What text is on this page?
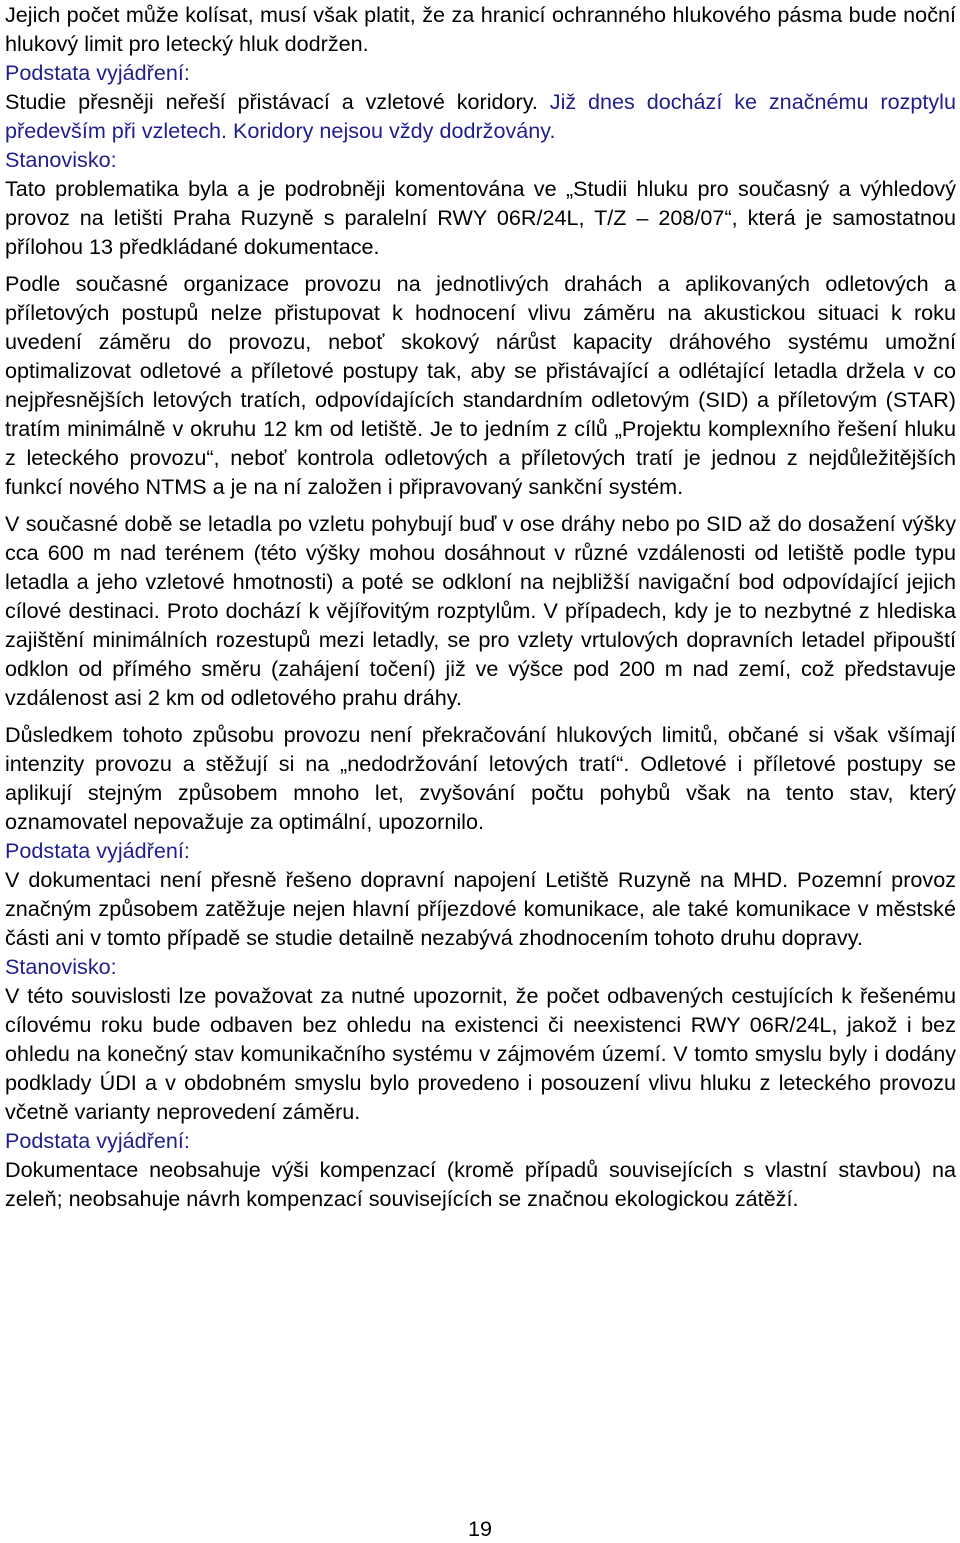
Jejich počet může kolísat, musí však platit, že za hranicí ochranného hlukového pásma bude noční hlukový limit pro letecký hluk dodržen.

Podstata vyjádření:

Studie přesněji neřeší přistávací a vzletové koridory. Již dnes dochází ke značnému rozptylu především při vzletech. Koridory nejsou vždy dodržovány.

Stanovisko:

Tato problematika byla a je podrobněji komentována ve „Studii hluku pro současný a výhledový provoz na letišti Praha Ruzyně s paralelní RWY 06R/24L, T/Z – 208/07“, která je samostatnou přílohou 13 předkládané dokumentace.

Podle současné organizace provozu na jednotlivých drahách a aplikovaných odletových a příletových postupů nelze přistupovat k hodnocení vlivu záměru na akustickou situaci k roku uvedení záměru do provozu, neboť skokový nárůst kapacity dráhového systému umožní optimalizovat odletové a příletové postupy tak, aby se přistávající a odlétající letadla držela v co nejpřesnějších letových tratích, odpovídajících standardním odletovým (SID) a příletovým (STAR) tratím minimálně v okruhu 12 km od letiště. Je to jedním z cílů „Projektu komplexního řešení hluku z leteckého provozu“, neboť kontrola odletových a příletových tratí je jednou z nejdůležitějších funkcí nového NTMS a je na ní založen i připravovaný sankční systém.

V současné době se letadla po vzletu pohybují buď v ose dráhy nebo po SID až do dosažení výšky cca 600 m nad terénem (této výšky mohou dosáhnout v různé vzdálenosti od letiště podle typu letadla a jeho vzletové hmotnosti) a poté se odkloní na nejbližší navigační bod odpovídající jejich cílové destinaci. Proto dochází k vějířovitým rozptylům. V případech, kdy je to nezbytné z hlediska zajištění minimálních rozestupů mezi letadly, se pro vzlety vrtulových dopravních letadel připouští odklon od přímého směru (zahájení točení) již ve výšce pod 200 m nad zemí, což představuje vzdálenost asi 2 km od odletového prahu dráhy.

Důsledkem tohoto způsobu provozu není překračování hlukových limitů, občané si však všímají intenzity provozu a stěžují si na „nedodržování letových tratí“. Odletové i příletové postupy se aplikují stejným způsobem mnoho let, zvyšování počtu pohybů však na tento stav, který oznamovatel nepovažuje za optimální, upozornilo.

Podstata vyjádření:

V dokumentaci není přesně řešeno dopravní napojení Letiště Ruzyně na MHD. Pozemní provoz značným způsobem zatěžuje nejen hlavní příjezdové komunikace, ale také komunikace v městské části ani v tomto případě se studie detailně nezabývá zhodnocením tohoto druhu dopravy.

Stanovisko:

V této souvislosti lze považovat za nutné upozornit, že počet odbavených cestujících k řešenému cílovému roku bude odbaven bez ohledu na existenci či neexistenci RWY 06R/24L, jakož i bez ohledu na konečný stav komunikačního systému v zájmovém území. V tomto smyslu byly i dodány podklady ÚDI a v obdobném smyslu bylo provedeno i posouzení vlivu hluku z leteckého provozu včetně varianty neprovedení záměru.

Podstata vyjádření:

Dokumentace neobsahuje výši kompenzací (kromě případů souvisejících s vlastní stavbou) na zeleň; neobsahuje návrh kompenzací souvisejících se značnou ekologickou zátěží.

19
